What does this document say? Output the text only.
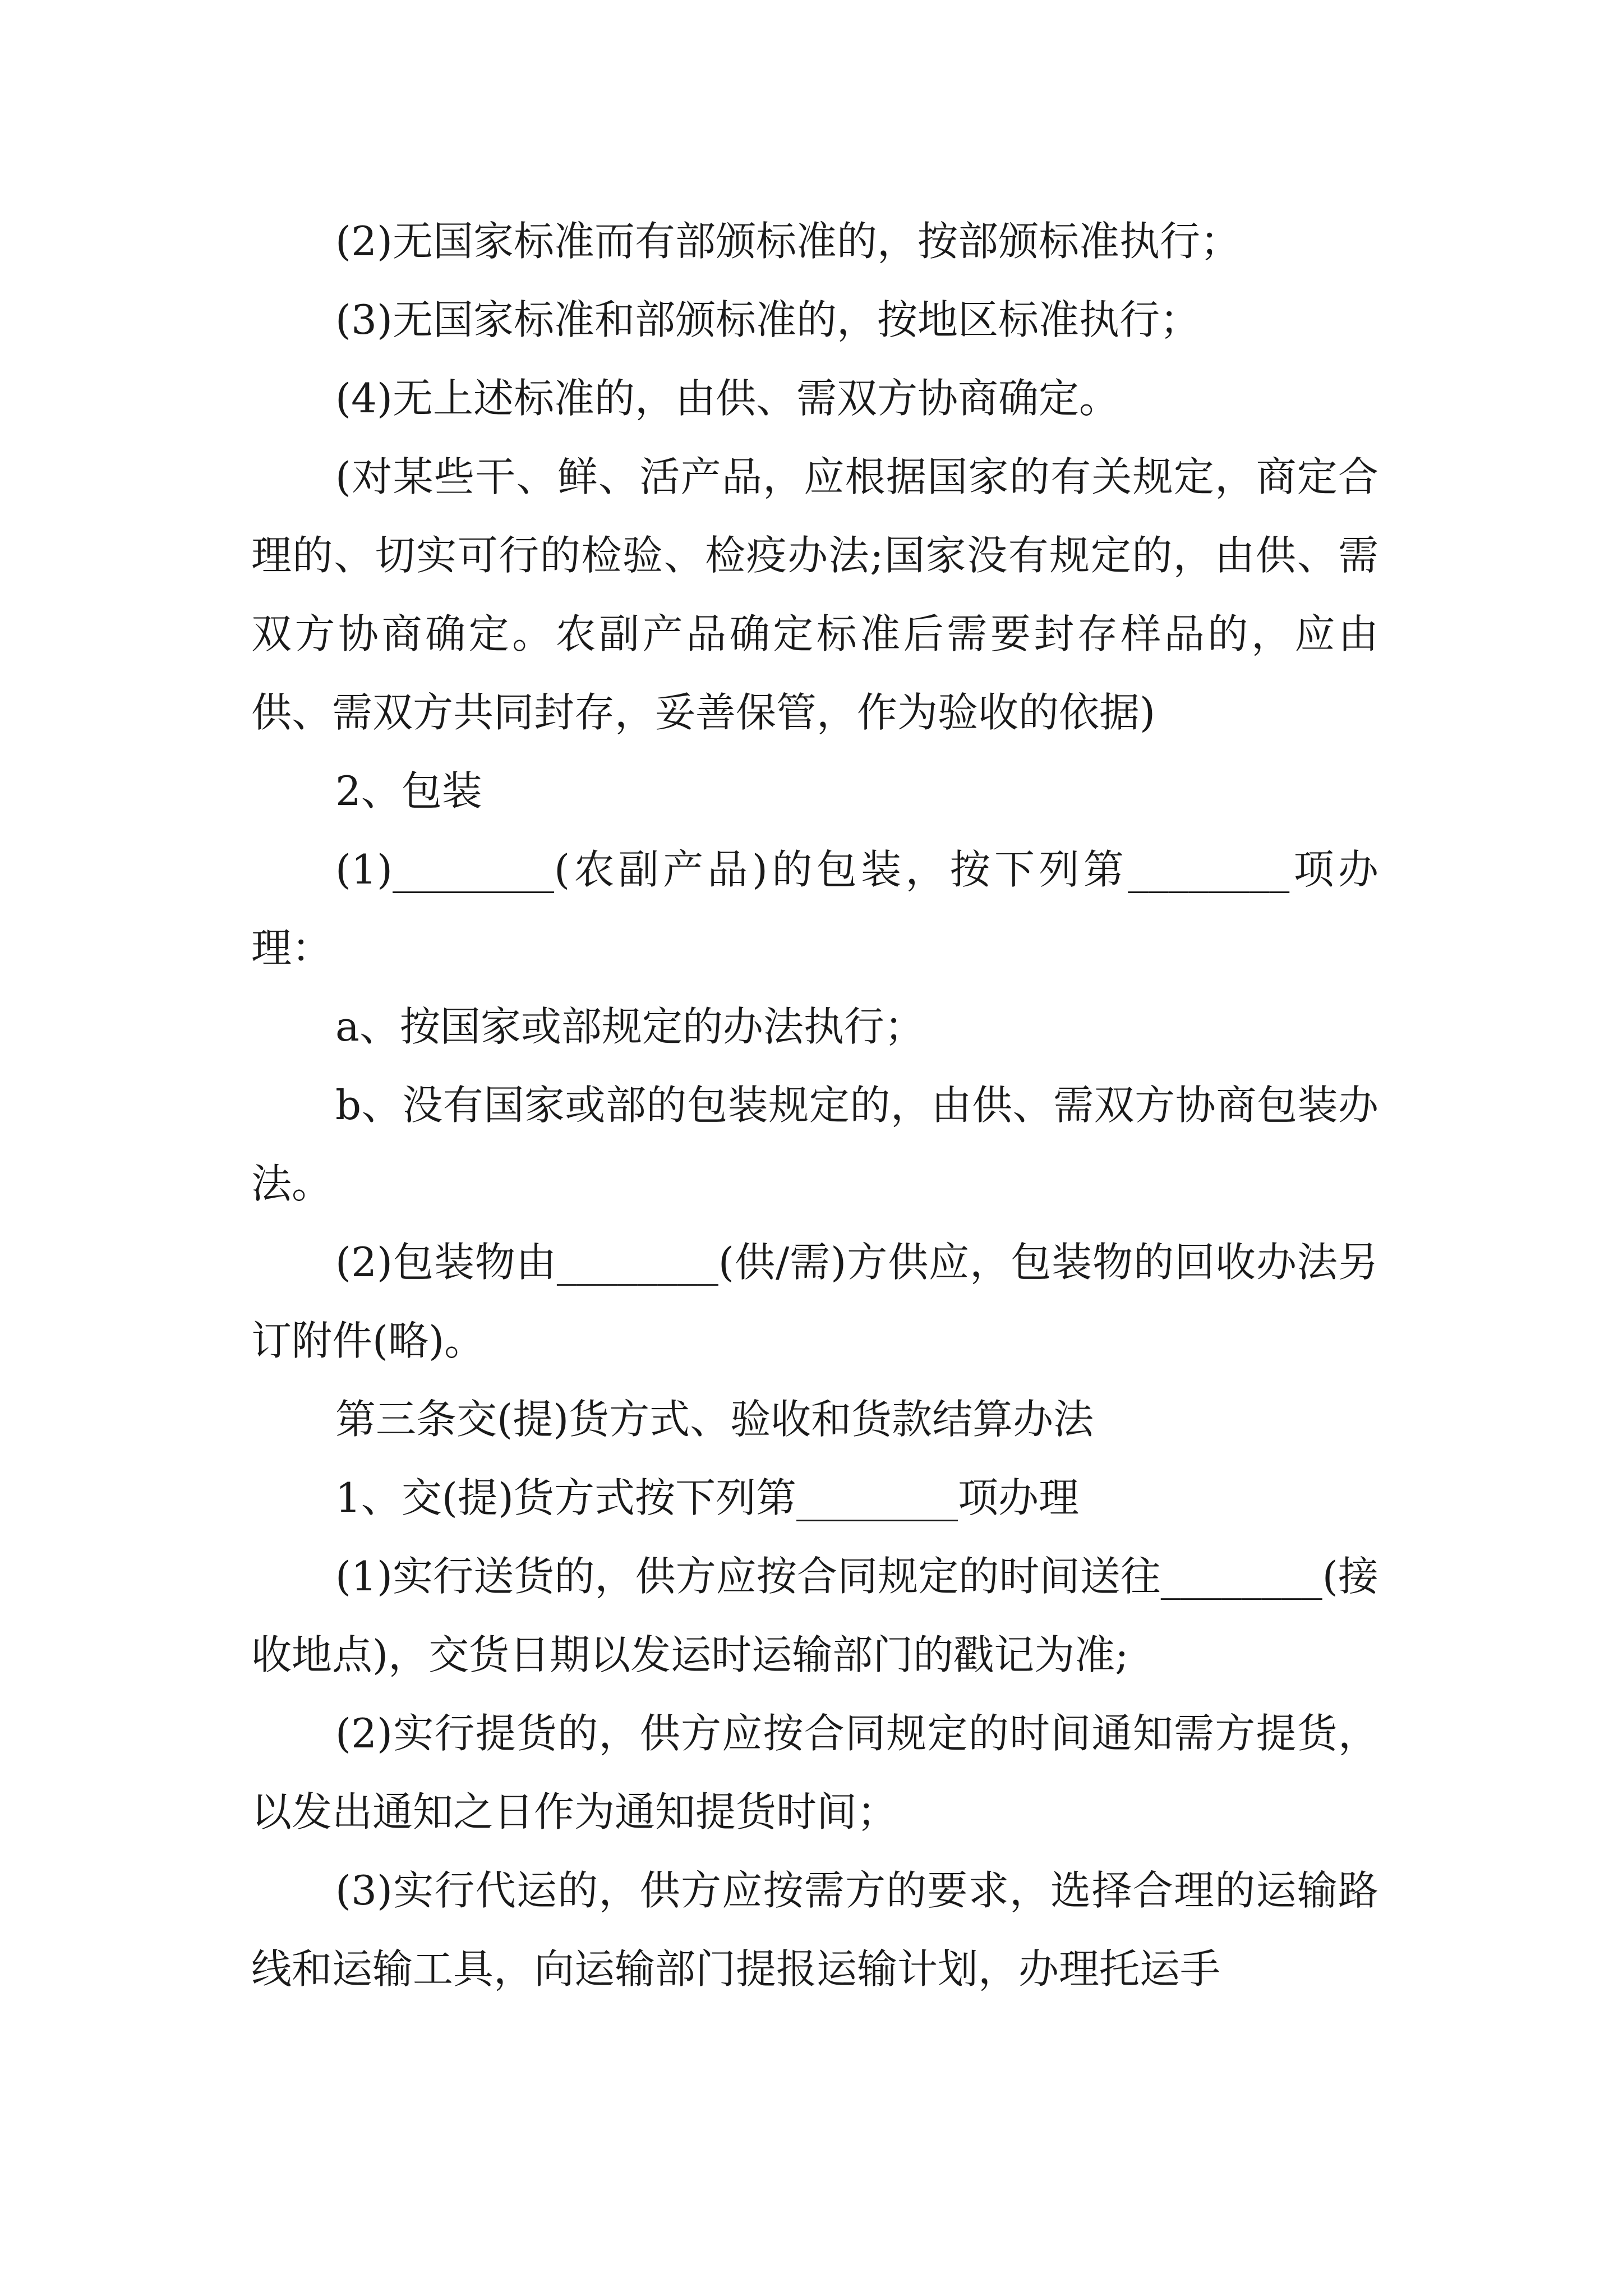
(2)无国家标准而有部颁标准的，按部颁标准执行；

(3)无国家标准和部颁标准的，按地区标准执行；

(4)无上述标准的，由供、需双方协商确定。

(对某些干、鲜、活产品，应根据国家的有关规定，商定合理的、切实可行的检验、检疫办法;国家没有规定的，由供、需双方协商确定。农副产品确定标准后需要封存样品的，应由供、需双方共同封存，妥善保管，作为验收的依据)

2、包装

(1)________(农副产品)的包装，按下列第________项办理：

a、按国家或部规定的办法执行；

b、没有国家或部的包装规定的，由供、需双方协商包装办法。

(2)包装物由________(供/需)方供应，包装物的回收办法另订附件(略)。

第三条交(提)货方式、验收和货款结算办法

1、交(提)货方式按下列第________项办理

(1)实行送货的，供方应按合同规定的时间送往________(接收地点)，交货日期以发运时运输部门的戳记为准;

(2)实行提货的，供方应按合同规定的时间通知需方提货，以发出通知之日作为通知提货时间；

(3)实行代运的，供方应按需方的要求，选择合理的运输路线和运输工具，向运输部门提报运输计划，办理托运手
